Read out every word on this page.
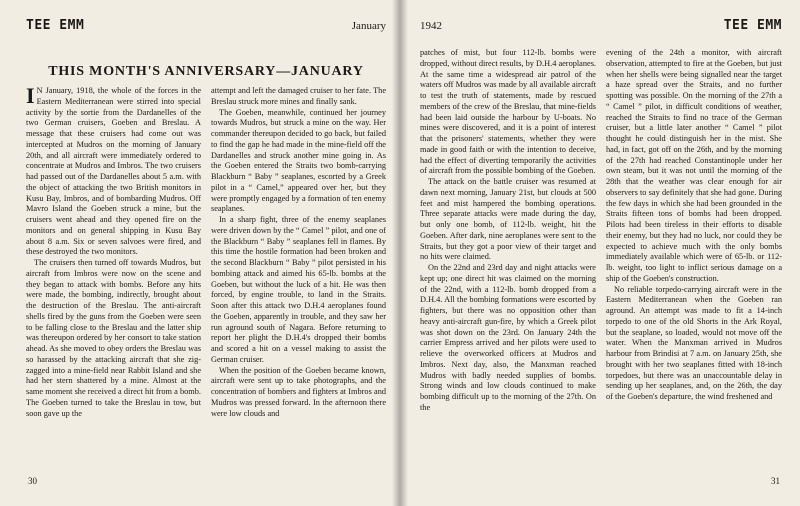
TEE EMM	January
THIS MONTH'S ANNIVERSARY—JANUARY

I N January, 1918, the whole of the forces in the Eastern Mediterranean were stirred into special activity by the sortie from the Dardanelles of the two German cruisers, Goeben and Breslau. A message that these cruisers had come out was intercepted at Mudros on the morning of January 20th, and all aircraft were immediately ordered to concentrate at Mudros and Imbros. The two cruisers had passed out of the Dardanelles about 5 a.m. with the object of attacking the two British monitors in Kusu Bay, Imbros, and of bombarding Mudros. Off Mavro Island the Goeben struck a mine, but the cruisers went ahead and they opened fire on the monitors and on general shipping in Kusu Bay about 8 a.m. Six or seven salvoes were fired, and these destroyed the two monitors.

The cruisers then turned off towards Mudros, but aircraft from Imbros were now on the scene and they began to attack with bombs. Before any hits were made, the bombing, indirectly, brought about the destruction of the Breslau. The anti-aircraft shells fired by the guns from the Goeben were seen to be falling close to the Breslau and the latter ship was thereupon ordered by her consort to take station ahead. As she moved to obey orders the Breslau was so harassed by the attacking aircraft that she zig-zagged into a mine-field near Rabbit Island and she had her stern shattered by a mine. Almost at the same moment she received a direct hit from a bomb. The Goeben turned to take the Breslau in tow, but soon gave up the

attempt and left the damaged cruiser to her fate. The Breslau struck more mines and finally sank.

The Goeben, meanwhile, continued her journey towards Mudros, but struck a mine on the way. Her commander thereupon decided to go back, but failed to find the gap he had made in the mine-field off the Dardanelles and struck another mine going in. As the Goeben entered the Straits two bomb-carrying Blackburn “ Baby ” seaplanes, escorted by a Greek pilot in a “ Camel,” appeared over her, but they were promptly engaged by a formation of ten enemy seaplanes.

In a sharp fight, three of the enemy seaplanes were driven down by the “ Camel ” pilot, and one of the Blackburn “ Baby ” seaplanes fell in flames. By this time the hostile formation had been broken and the second Blackburn “ Baby ” pilot persisted in his bombing attack and aimed his 65-lb. bombs at the Goeben, but without the luck of a hit. He was then forced, by engine trouble, to land in the Straits. Soon after this attack two D.H.4 aeroplanes found the Goeben, apparently in trouble, and they saw her run aground south of Nagara. Before returning to report her plight the D.H.4's dropped their bombs and scored a hit on a vessel making to assist the German cruiser.

When the position of the Goeben became known, aircraft were sent up to take photographs, and the concentration of bombers and fighters at Imbros and Mudros was pressed forward. In the afternoon there were low clouds and

30
1942	TEE EMM

patches of mist, but four 112-lb. bombs were dropped, without direct results, by D.H.4 aeroplanes. At the same time a widespread air patrol of the waters off Mudros was made by all available aircraft to test the truth of statements, made by rescued members of the crew of the Breslau, that mine-fields had been laid outside the harbour by U-boats. No mines were discovered, and it is a point of interest that the prisoners' statements, whether they were made in good faith or with the intention to deceive, had the effect of diverting temporarily the activities of aircraft from the possible bombing of the Goeben.

The attack on the battle cruiser was resumed at dawn next morning, January 21st, but clouds at 500 feet and mist hampered the bombing operations. Three separate attacks were made during the day, but only one bomb, of 112-lb. weight, hit the Goeben. After dark, nine aeroplanes were sent to the Straits, but they got a poor view of their target and no hits were claimed.

On the 22nd and 23rd day and night attacks were kept up; one direct hit was claimed on the morning of the 22nd, with a 112-lb. bomb dropped from a D.H.4. All the bombing formations were escorted by fighters, but there was no opposition other than heavy anti-aircraft gun-fire, by which a Greek pilot was shot down on the 23rd. On January 24th the carrier Empress arrived and her pilots were used to relieve the overworked officers at Mudros and Imbros. Next day, also, the Manxman reached Mudros with badly needed supplies of bombs. Strong winds and low clouds continued to make bombing difficult up to the morning of the 27th. On the

evening of the 24th a monitor, with aircraft observation, attempted to fire at the Goeben, but just when her shells were being signalled near the target a haze spread over the Straits, and no further spotting was possible. On the morning of the 27th a “ Camel ” pilot, in difficult conditions of weather, reached the Straits to find no trace of the German cruiser, but a little later another “ Camel ” pilot thought he could distinguish her in the mist. She had, in fact, got off on the 26th, and by the morning of the 27th had reached Constantinople under her own steam, but it was not until the morning of the 28th that the weather was clear enough for air observers to say definitely that she had gone. During the few days in which she had been grounded in the Straits fifteen tons of bombs had been dropped. Pilots had been tireless in their efforts to disable their enemy, but they had no luck, nor could they be expected to achieve much with the only bombs immediately available which were of 65-lb. or 112-lb. weight, too light to inflict serious damage on a ship of the Goeben's construction.

No reliable torpedo-carrying aircraft were in the Eastern Mediterranean when the Goeben ran aground. An attempt was made to fit a 14-inch torpedo to one of the old Shorts in the Ark Royal, but the seaplane, so loaded, would not move off the water. When the Manxman arrived in Mudros harbour from Brindisi at 7 a.m. on January 25th, she brought with her two seaplanes fitted with 18-inch torpedoes, but there was an unaccountable delay in sending up her seaplanes, and, on the 26th, the day of the Goeben's departure, the wind freshened and

31
